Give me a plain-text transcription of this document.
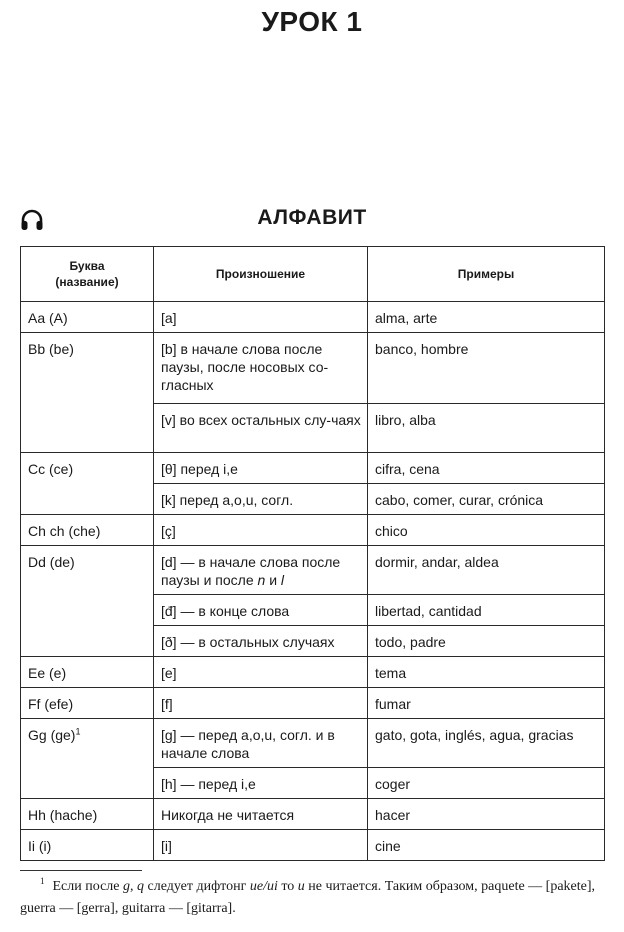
УРОК 1
АЛФАВИТ
Буква
(название)	Произношение	Примеры
Aa (A)	[a]	alma, arte
Bb (be)	[b] в начале слова после паузы, после носовых со-гласных	banco, hombre
	[v] во всех остальных слу-чаях	libro, alba
Cc (ce)	[θ] перед i,e	cifra, cena
	[k] перед a,o,u, согл.	cabo, comer, curar, crónica
Ch ch (che)	[ç]	chico
Dd (de)	[d] — в начале слова после паузы и после n и l	dormir, andar, aldea
	[đ] — в конце слова	libertad, cantidad
	[ð] — в остальных случаях	todo, padre
Ee (e)	[e]	tema
Ff (efe)	[f]	fumar
Gg (ge)$^1$	[g] — перед a,o,u, согл. и в начале слова	gato, gota, inglés, agua, gracias
	[h] — перед i,e	coger
Hh (hache)	Никогда не читается	hacer
Ii (i)	[i]	cine
$^1$ Если после g, q следует дифтонг ue/ui то u не читается. Таким образом, paquete — [pakete], guerra — [gerra], guitarra — [gitarra].
